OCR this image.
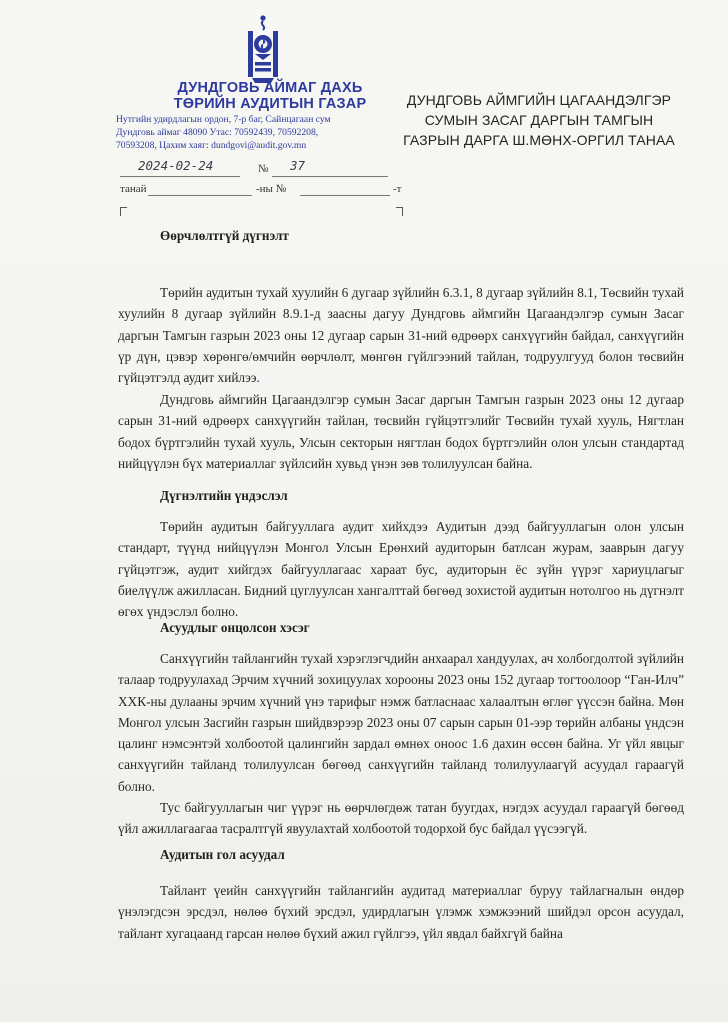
ДУНДГОВЬ АЙМАГ ДАХЬ
ТӨРИЙН АУДИТЫН ГАЗАР
Нутгийн удирдлагын ордон, 7-р баг, Сайнцагаан сум
Дундговь аймаг 48090 Утас: 70592439, 70592208,
70593208, Цахим хаяг: dundgovi@audit.gov.mn
ДУНДГОВЬ АЙМГИЙН ЦАГААНДЭЛГЭР
СУМЫН ЗАСАГ ДАРГЫН ТАМГЫН
ГАЗРЫН ДАРГА Ш.МӨНХ-ОРГИЛ ТАНАА
2024-02-24	№ 37
танай	-ны №	-т
Өөрчлөлтгүй дүгнэлт
Төрийн аудитын тухай хуулийн 6 дугаар зүйлийн 6.3.1, 8 дугаар зүйлийн 8.1, Төсвийн тухай хуулийн 8 дугаар зүйлийн 8.9.1-д заасны дагуу Дундговь аймгийн Цагаандэлгэр сумын Засаг даргын Тамгын газрын 2023 оны 12 дугаар сарын 31-ний өдрөөрх санхүүгийн байдал, санхүүгийн үр дүн, цэвэр хөрөнгө/өмчийн өөрчлөлт, мөнгөн гүйлгээний тайлан, тодруулгууд болон төсвийн гүйцэтгэлд аудит хийлээ.
Дундговь аймгийн Цагаандэлгэр сумын Засаг даргын Тамгын газрын 2023 оны 12 дугаар сарын 31-ний өдрөөрх санхүүгийн тайлан, төсвийн гүйцэтгэлийг Төсвийн тухай хууль, Нягтлан бодох бүртгэлийн тухай хууль, Улсын секторын нягтлан бодох бүртгэлийн олон улсын стандартад нийцүүлэн бүх материаллаг зүйлсийн хувьд үнэн зөв толилуулсан байна.
Дүгнэлтийн үндэслэл
Төрийн аудитын байгууллага аудит хийхдээ Аудитын дээд байгууллагын олон улсын стандарт, түүнд нийцүүлэн Монгол Улсын Ерөнхий аудиторын батлсан журам, зааврын дагуу гүйцэтгэж, аудит хийгдэх байгууллагаас хараат бус, аудиторын ёс зүйн үүрэг хариуцлагыг биелүүлж ажилласан. Бидний цуглуулсан хангалттай бөгөөд зохистой аудитын нотолгоо нь дүгнэлт өгөх үндэслэл болно.
Асуудлыг онцолсон хэсэг
Санхүүгийн тайлангийн тухай хэрэглэгчдийн анхаарал хандуулах, ач холбогдолтой зүйлийн талаар тодруулахад Эрчим хүчний зохицуулах хорооны 2023 оны 152 дугаар тогтоолоор “Ган-Илч” ХХК-ны дулааны эрчим хүчний үнэ тарифыг нэмж батласнаас халаалтын өглөг үүссэн байна. Мөн Монгол улсын Засгийн газрын шийдвэрээр 2023 оны 07 сарын сарын 01-ээр төрийн албаны үндсэн цалинг нэмсэнтэй холбоотой цалингийн зардал өмнөх оноос 1.6 дахин өссөн байна. Уг үйл явцыг санхүүгийн тайланд толилуулсан бөгөөд санхүүгийн тайланд толилуулаагүй асуудал гараагүй болно.
Тус байгууллагын чиг үүрэг нь өөрчлөгдөж татан буугдах, нэгдэх асуудал гараагүй бөгөөд үйл ажиллагаагаа тасралтгүй явуулахтай холбоотой тодорхой бус байдал үүсээгүй.
Аудитын гол асуудал
Тайлант үеийн санхүүгийн тайлангийн аудитад материаллаг буруу тайлагналын өндөр үнэлэгдсэн эрсдэл, нөлөө бүхий эрсдэл, удирдлагын үлэмж хэмжээний шийдэл орсон асуудал, тайлант хугацаанд гарсан нөлөө бүхий ажил гүйлгээ, үйл явдал байхгүй байна
